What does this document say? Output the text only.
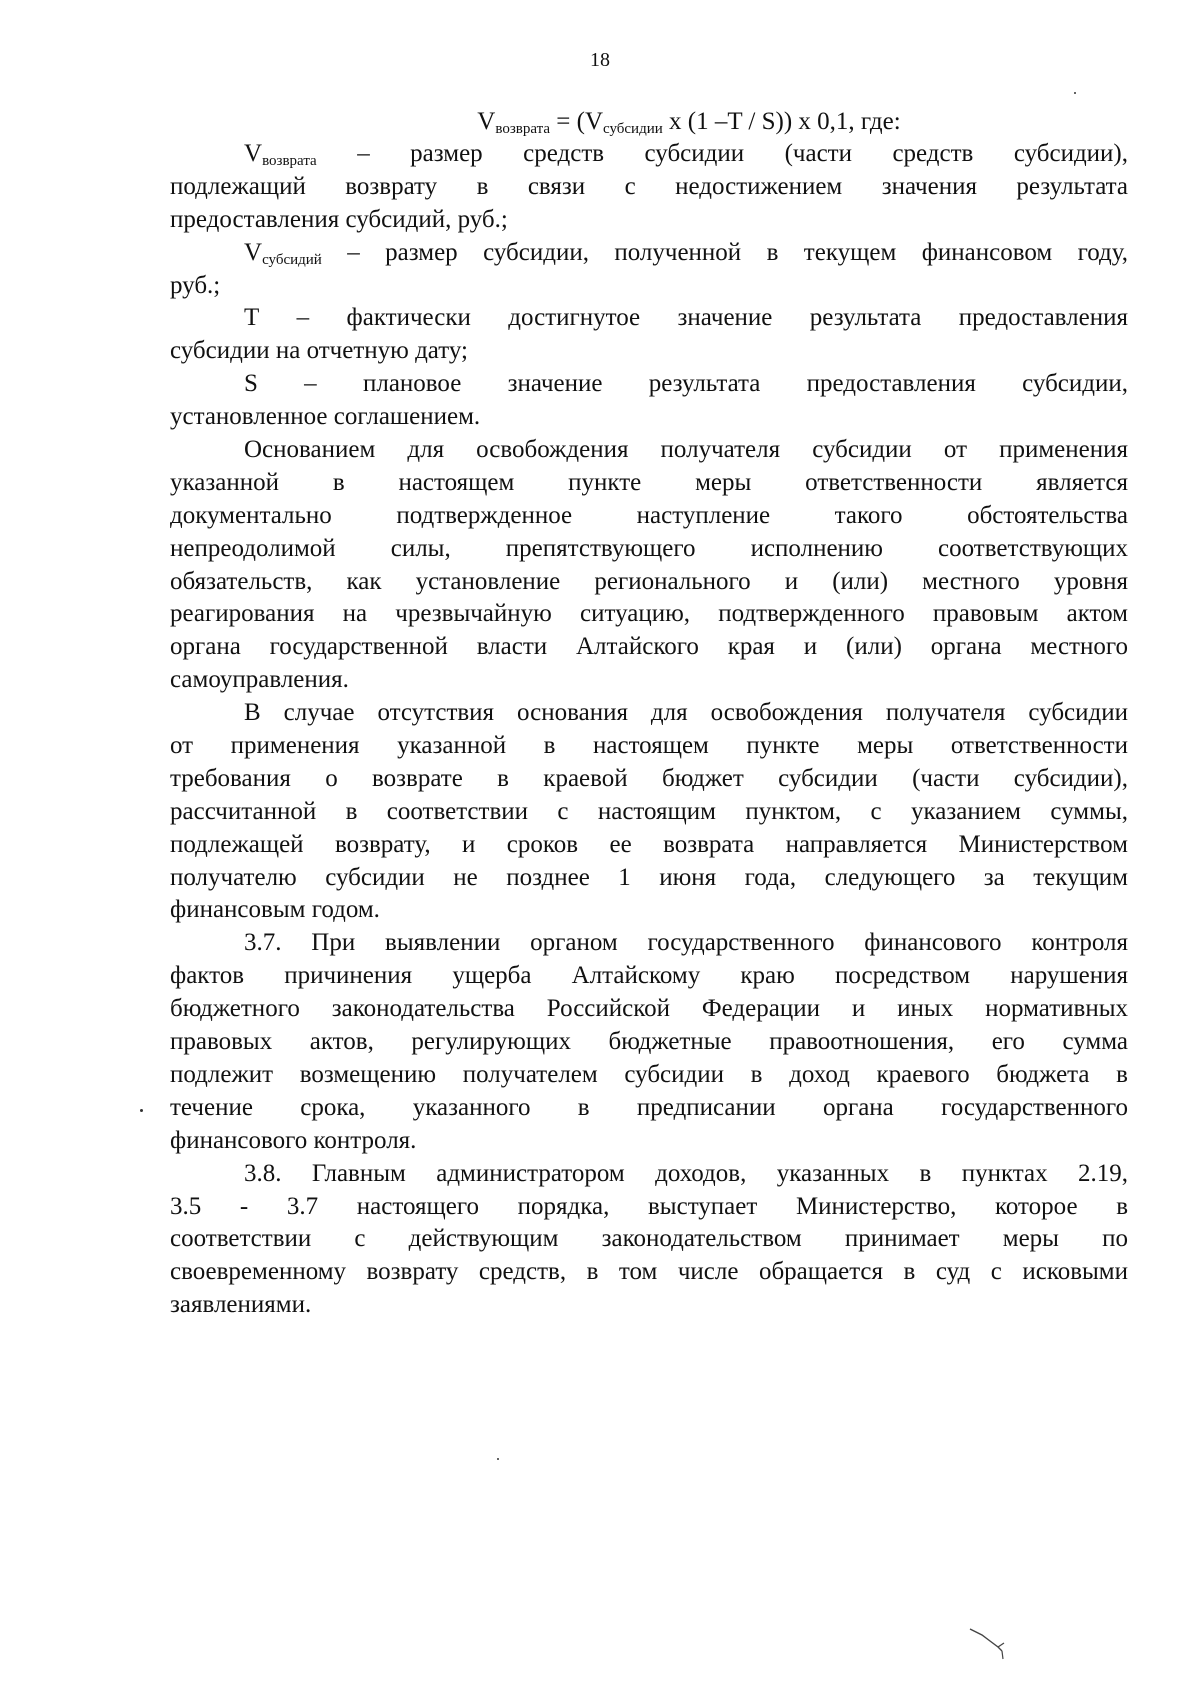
18
$V_{возврата} = (V_{субсидии}$ x (1 –T / S)) x 0,1, где:
$V_{возврата}$ – размер средств субсидии (части средств субсидии),
подлежащий возврату в связи с недостижением значения результата
предоставления субсидий, руб.;
$V_{субсидий}$ – размер субсидии, полученной в текущем финансовом году,
руб.;
Т – фактически достигнутое значение результата предоставления
субсидии на отчетную дату;
S – плановое значение результата предоставления субсидии,
установленное соглашением.
Основанием для освобождения получателя субсидии от применения
указанной в настоящем пункте меры ответственности является
документально подтвержденное наступление такого обстоятельства
непреодолимой силы, препятствующего исполнению соответствующих
обязательств, как установление регионального и (или) местного уровня
реагирования на чрезвычайную ситуацию, подтвержденного правовым актом
органа государственной власти Алтайского края и (или) органа местного
самоуправления.
В случае отсутствия основания для освобождения получателя субсидии
от применения указанной в настоящем пункте меры ответственности
требования о возврате в краевой бюджет субсидии (части субсидии),
рассчитанной в соответствии с настоящим пунктом, с указанием суммы,
подлежащей возврату, и сроков ее возврата направляется Министерством
получателю субсидии не позднее 1 июня года, следующего за текущим
финансовым годом.
3.7. При выявлении органом государственного финансового контроля
фактов причинения ущерба Алтайскому краю посредством нарушения
бюджетного законодательства Российской Федерации и иных нормативных
правовых актов, регулирующих бюджетные правоотношения, его сумма
подлежит возмещению получателем субсидии в доход краевого бюджета в
течение срока, указанного в предписании органа государственного
финансового контроля.
3.8. Главным администратором доходов, указанных в пунктах 2.19,
3.5 - 3.7 настоящего порядка, выступает Министерство, которое в
соответствии с действующим законодательством принимает меры по
своевременному возврату средств, в том числе обращается в суд с исковыми
заявлениями.
